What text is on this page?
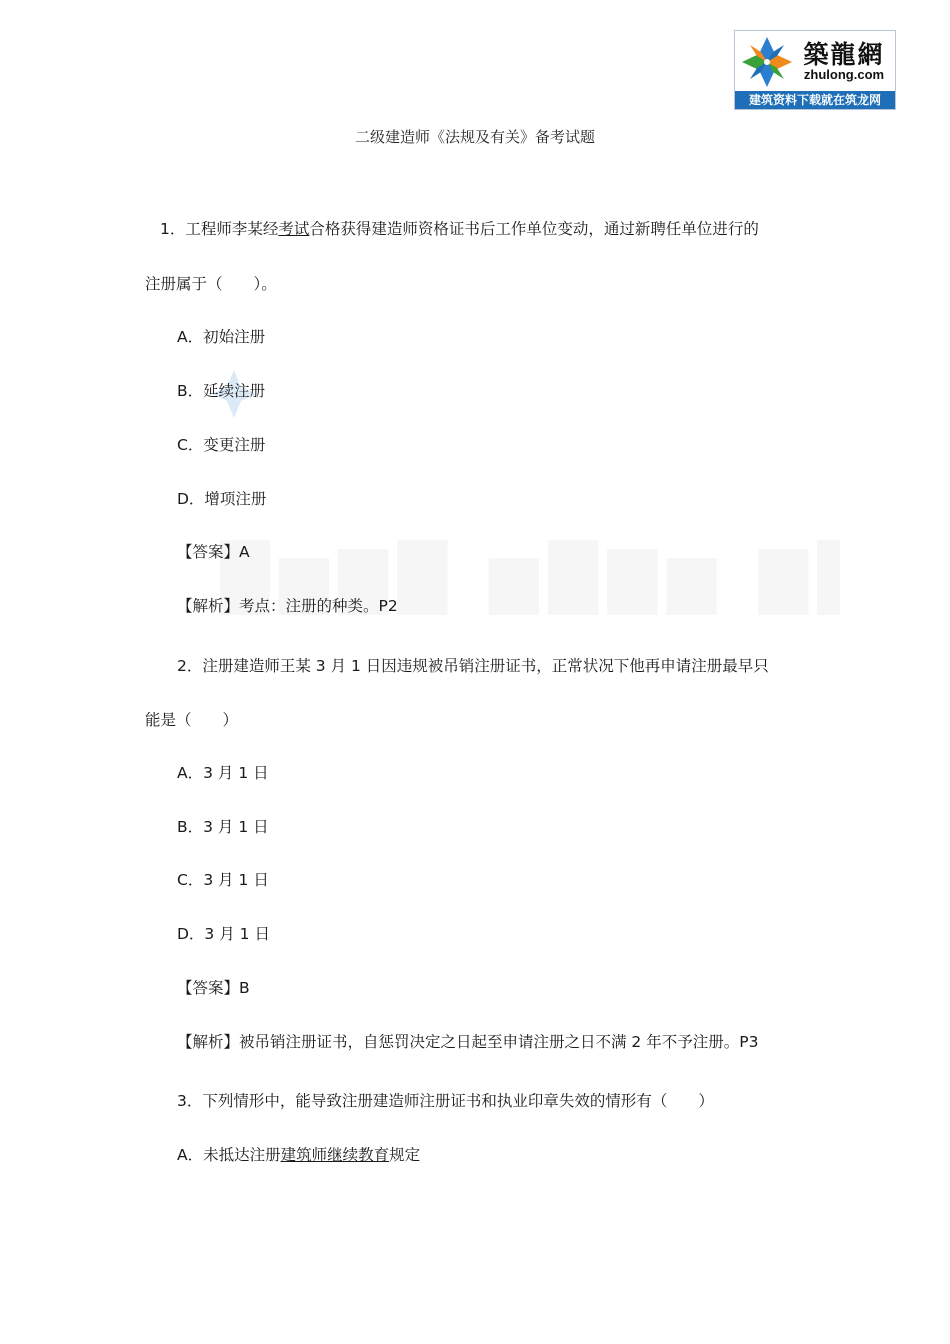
築龍網
zhulong.com
建筑资料下载就在筑龙网
二级建造师《法规及有关》备考试题
1．工程师李某经考试合格获得建造师资格证书后工作单位变动，通过新聘任单位进行的
注册属于（　　）。
A．初始注册
B．延续注册
C．变更注册
D．增项注册
【答案】A
【解析】考点：注册的种类。P2
2．注册建造师王某 3 月 1 日因违规被吊销注册证书，正常状况下他再申请注册最早只
能是（　　）
A．3 月 1 日
B．3 月 1 日
C．3 月 1 日
D．3 月 1 日
【答案】B
【解析】被吊销注册证书，自惩罚决定之日起至申请注册之日不满 2 年不予注册。P3
3．下列情形中，能导致注册建造师注册证书和执业印章失效的情形有（　　）
A．未抵达注册建筑师继续教育规定
